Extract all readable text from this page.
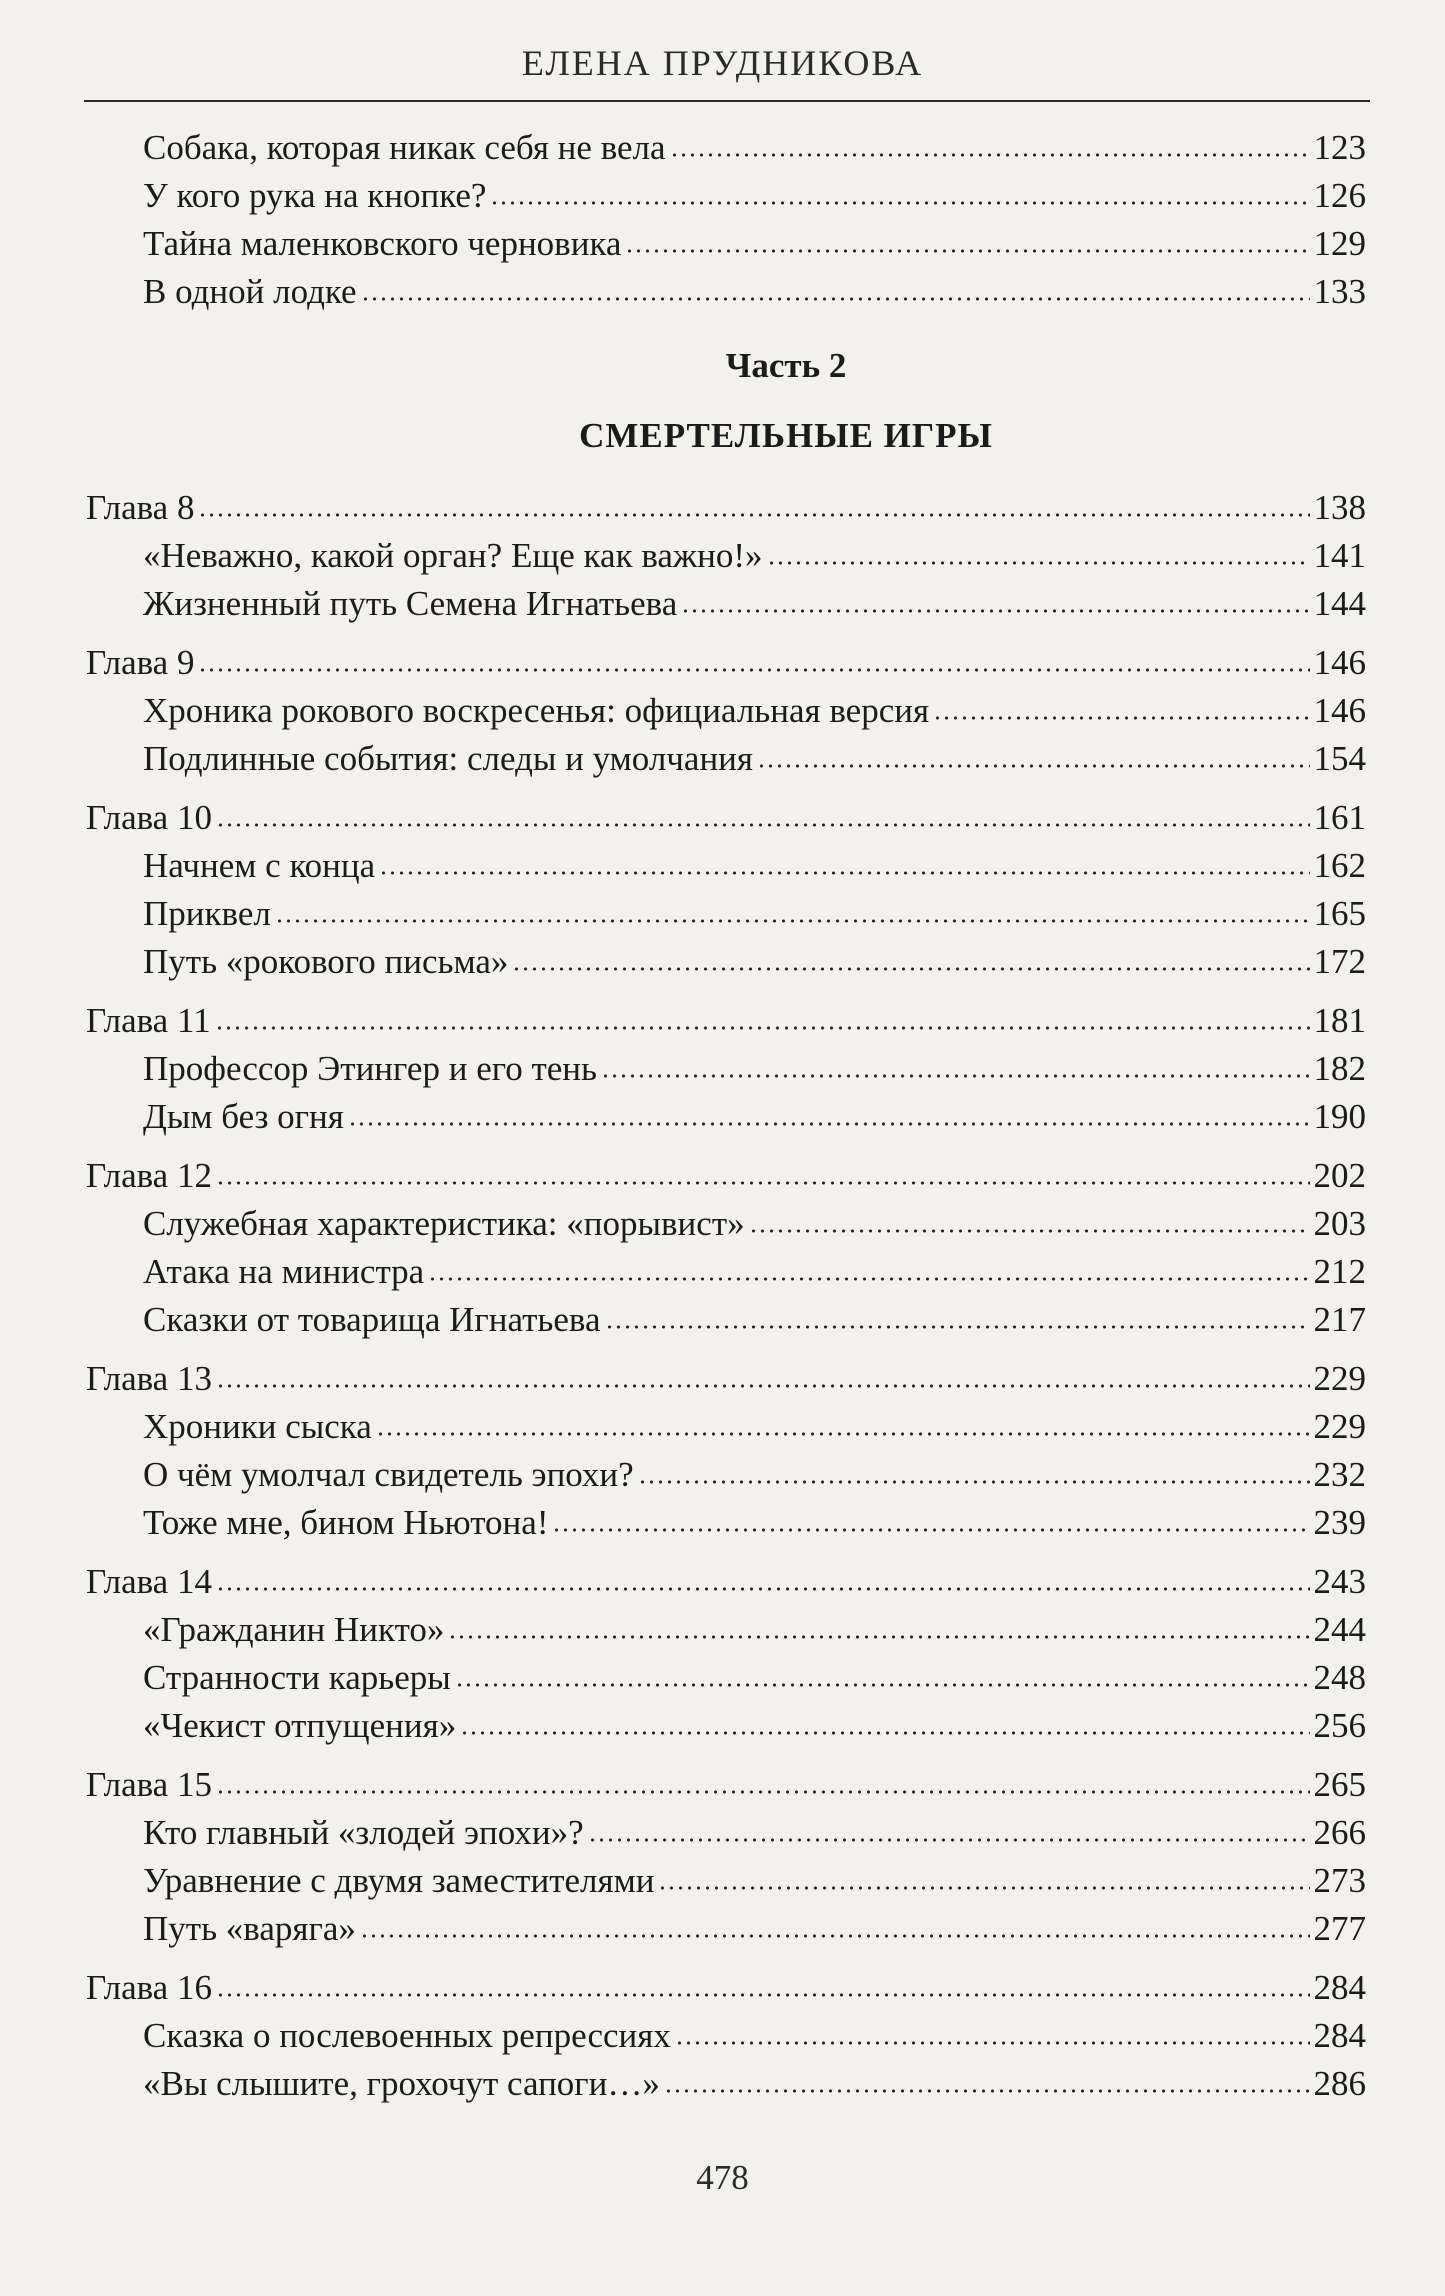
ЕЛЕНА ПРУДНИКОВА
Собака, которая никак себя не вела	123
У кого рука на кнопке?	126
Тайна маленковского черновика	129
В одной лодке	133
Часть 2
СМЕРТЕЛЬНЫЕ ИГРЫ
Глава 8	138
«Неважно, какой орган? Еще как важно!»	141
Жизненный путь Семена Игнатьева	144
Глава 9	146
Хроника рокового воскресенья: официальная версия	146
Подлинные события: следы и умолчания	154
Глава 10	161
Начнем с конца	162
Приквел	165
Путь «рокового письма»	172
Глава 11	181
Профессор Этингер и его тень	182
Дым без огня	190
Глава 12	202
Служебная характеристика: «порывист»	203
Атака на министра	212
Сказки от товарища Игнатьева	217
Глава 13	229
Хроники сыска	229
О чём умолчал свидетель эпохи?	232
Тоже мне, бином Ньютона!	239
Глава 14	243
«Гражданин Никто»	244
Странности карьеры	248
«Чекист отпущения»	256
Глава 15	265
Кто главный «злодей эпохи»?	266
Уравнение с двумя заместителями	273
Путь «варяга»	277
Глава 16	284
Сказка о послевоенных репрессиях	284
«Вы слышите, грохочут сапоги…»	286
478
